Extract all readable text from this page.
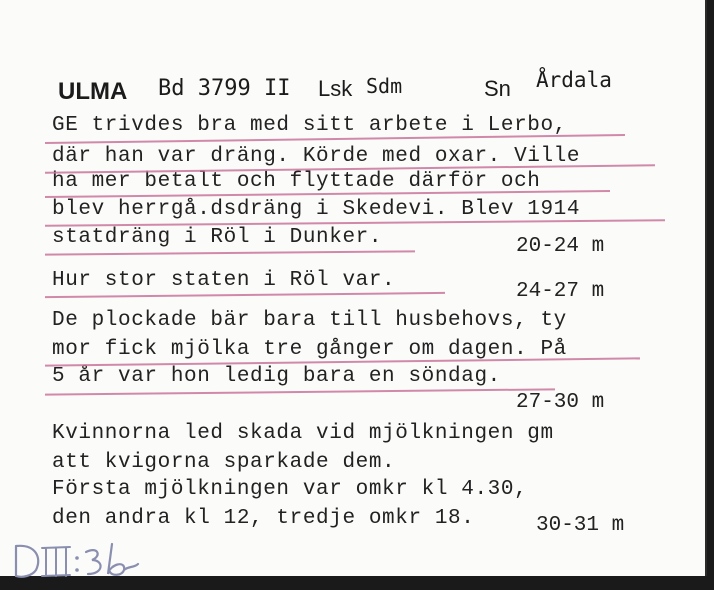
ULMA Bd 3799 II Lsk Sdm	Sn Årdala
GE trivdes bra med sitt arbete i Lerbo,
där han var dräng. Körde med oxar. Ville
ha mer betalt och flyttade därför och
blev herrgå.dsdräng i Skedevi. Blev 1914
statdräng i Röl i Dunker.
Hur stor staten i Röl var.
De plockade bär bara till husbehovs, ty
mor fick mjölka tre gånger om dagen. På
5 år var hon ledig bara en söndag.
Kvinnorna led skada vid mjölkningen gm
att kvigorna sparkade dem.
Första mjölkningen var omkr kl 4.30,
den andra kl 12, tredje omkr 18.
20-24 m
24-27 m
27-30 m
30-31 m
